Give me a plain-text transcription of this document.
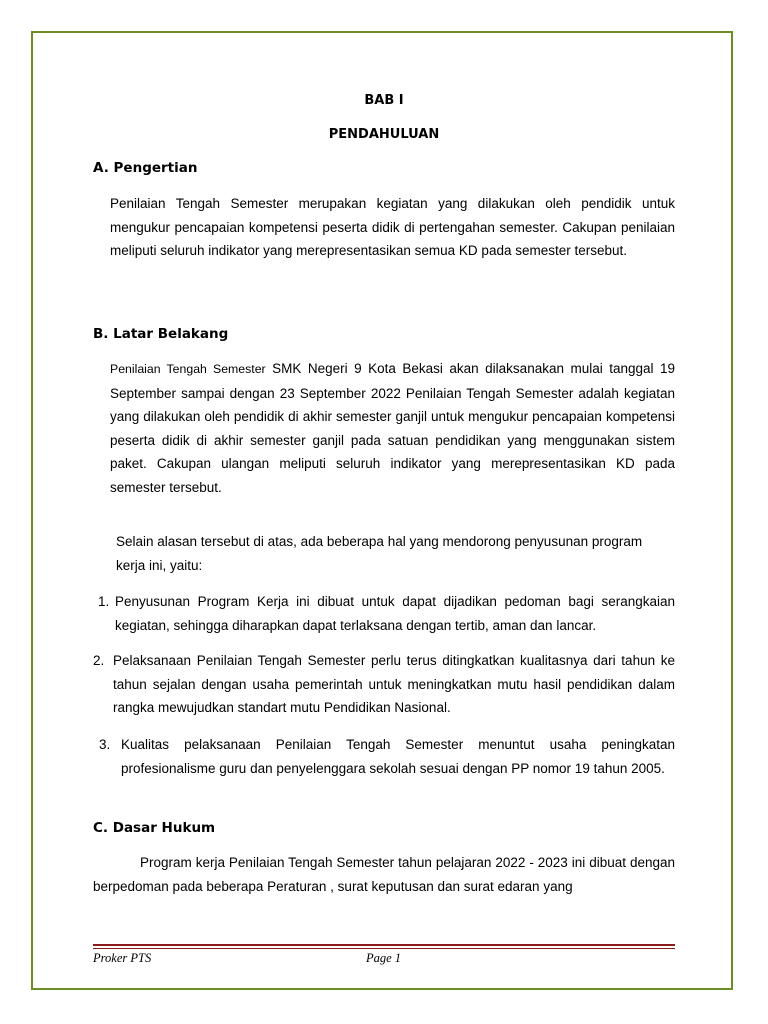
BAB I
PENDAHULUAN
A. Pengertian
Penilaian Tengah Semester merupakan kegiatan yang dilakukan oleh pendidik untuk mengukur pencapaian kompetensi peserta didik di pertengahan semester. Cakupan penilaian meliputi seluruh indikator yang merepresentasikan semua KD pada semester tersebut.
B. Latar Belakang
Penilaian Tengah Semester SMK Negeri 9 Kota Bekasi akan dilaksanakan mulai tanggal 19 September sampai dengan 23 September 2022 Penilaian Tengah Semester adalah kegiatan yang dilakukan oleh pendidik di akhir semester ganjil untuk mengukur pencapaian kompetensi peserta didik di akhir semester ganjil pada satuan pendidikan yang menggunakan sistem paket. Cakupan ulangan meliputi seluruh indikator yang merepresentasikan KD pada semester tersebut.
Selain alasan tersebut di atas, ada beberapa hal yang mendorong penyusunan program kerja ini, yaitu:
1. Penyusunan Program Kerja ini dibuat untuk dapat dijadikan pedoman bagi serangkaian kegiatan, sehingga diharapkan dapat terlaksana dengan tertib, aman dan lancar.
2. Pelaksanaan Penilaian Tengah Semester perlu terus ditingkatkan kualitasnya dari tahun ke tahun sejalan dengan usaha pemerintah untuk meningkatkan mutu hasil pendidikan dalam rangka mewujudkan standart mutu Pendidikan Nasional.
3. Kualitas pelaksanaan Penilaian Tengah Semester menuntut usaha peningkatan profesionalisme guru dan penyelenggara sekolah sesuai dengan PP nomor 19 tahun 2005.
C. Dasar Hukum
Program kerja Penilaian Tengah Semester tahun pelajaran 2022 - 2023 ini dibuat dengan berpedoman pada beberapa Peraturan , surat keputusan dan surat edaran yang
Proker PTS	Page 1
